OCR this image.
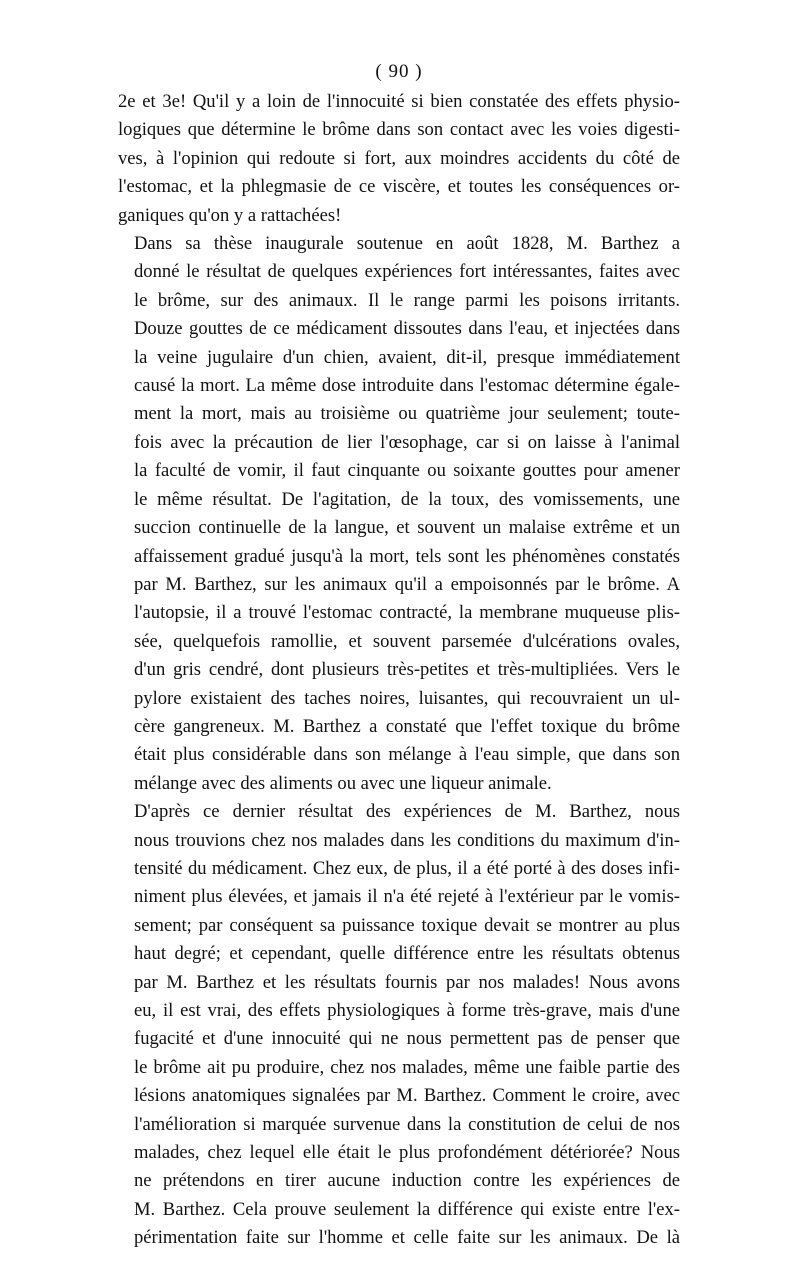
( 90 )
2e et 3e! Qu'il y a loin de l'innocuité si bien constatée des effets physio-
logiques que détermine le brôme dans son contact avec les voies digesti-
ves, à l'opinion qui redoute si fort, aux moindres accidents du côté de
l'estomac, et la phlegmasie de ce viscère, et toutes les conséquences or-
ganiques qu'on y a rattachées!
Dans sa thèse inaugurale soutenue en août 1828, M. Barthez a
donné le résultat de quelques expériences fort intéressantes, faites avec
le brôme, sur des animaux. Il le range parmi les poisons irritants.
Douze gouttes de ce médicament dissoutes dans l'eau, et injectées dans
la veine jugulaire d'un chien, avaient, dit-il, presque immédiatement
causé la mort. La même dose introduite dans l'estomac détermine égale-
ment la mort, mais au troisième ou quatrième jour seulement; toute-
fois avec la précaution de lier l'œsophage, car si on laisse à l'animal
la faculté de vomir, il faut cinquante ou soixante gouttes pour amener
le même résultat. De l'agitation, de la toux, des vomissements, une
succion continuelle de la langue, et souvent un malaise extrême et un
affaissement gradué jusqu'à la mort, tels sont les phénomènes constatés
par M. Barthez, sur les animaux qu'il a empoisonnés par le brôme. A
l'autopsie, il a trouvé l'estomac contracté, la membrane muqueuse plis-
sée, quelquefois ramollie, et souvent parsemée d'ulcérations ovales,
d'un gris cendré, dont plusieurs très-petites et très-multipliées. Vers le
pylore existaient des taches noires, luisantes, qui recouvraient un ul-
cère gangreneux. M. Barthez a constaté que l'effet toxique du brôme
était plus considérable dans son mélange à l'eau simple, que dans son
mélange avec des aliments ou avec une liqueur animale.
D'après ce dernier résultat des expériences de M. Barthez, nous
nous trouvions chez nos malades dans les conditions du maximum d'in-
tensité du médicament. Chez eux, de plus, il a été porté à des doses infi-
niment plus élevées, et jamais il n'a été rejeté à l'extérieur par le vomis-
sement; par conséquent sa puissance toxique devait se montrer au plus
haut degré; et cependant, quelle différence entre les résultats obtenus
par M. Barthez et les résultats fournis par nos malades! Nous avons
eu, il est vrai, des effets physiologiques à forme très-grave, mais d'une
fugacité et d'une innocuité qui ne nous permettent pas de penser que
le brôme ait pu produire, chez nos malades, même une faible partie des
lésions anatomiques signalées par M. Barthez. Comment le croire, avec
l'amélioration si marquée survenue dans la constitution de celui de nos
malades, chez lequel elle était le plus profondément détériorée? Nous
ne prétendons en tirer aucune induction contre les expériences de
M. Barthez. Cela prouve seulement la différence qui existe entre l'ex-
périmentation faite sur l'homme et celle faite sur les animaux. De là
